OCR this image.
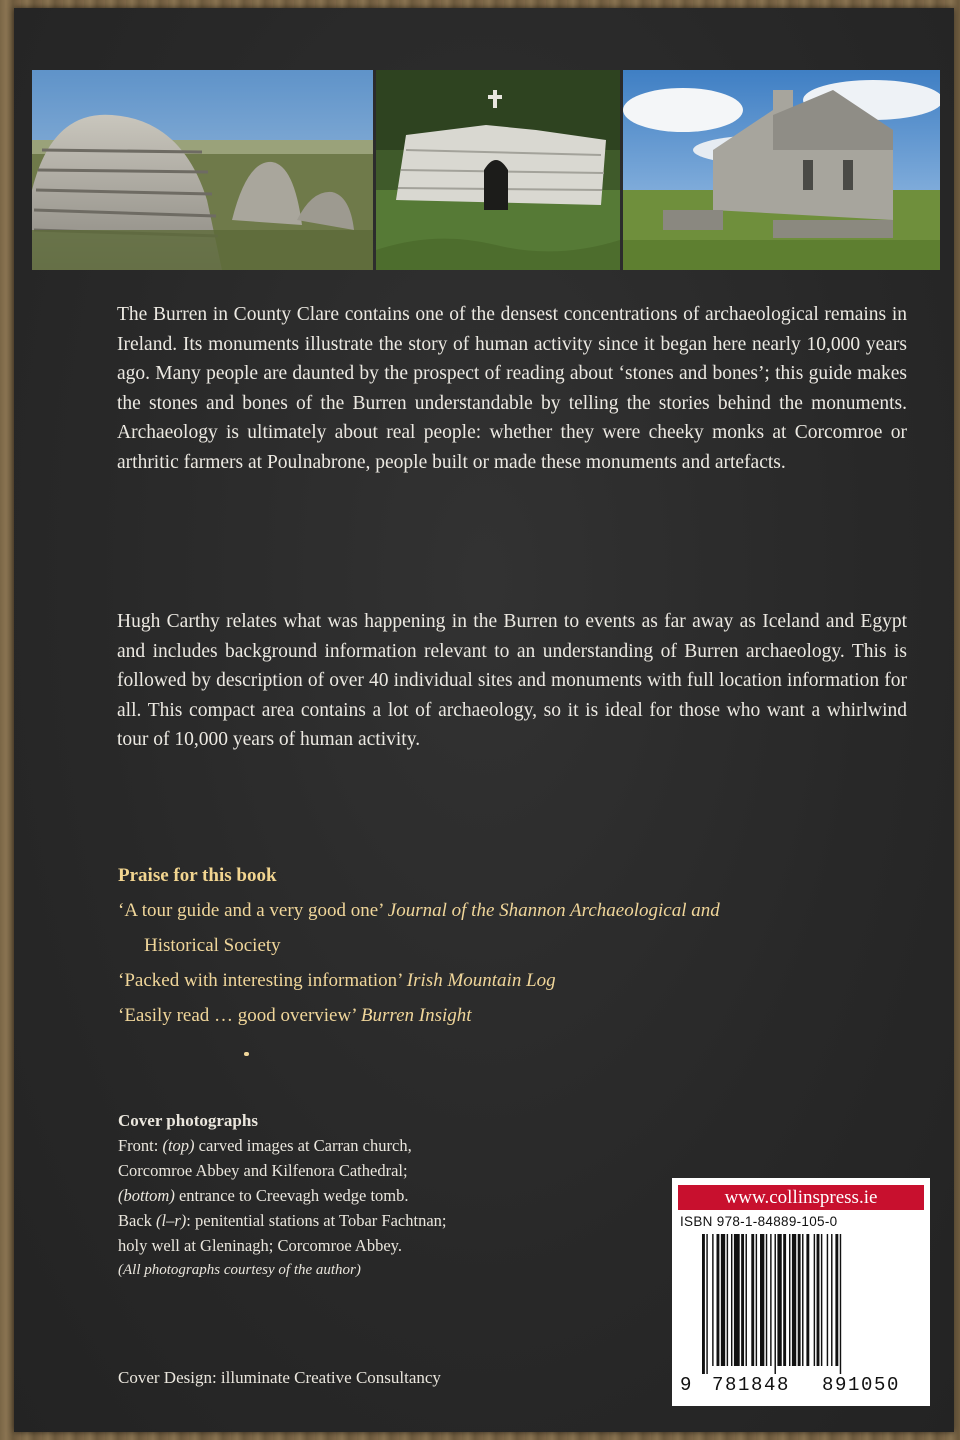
The Burren in County Clare contains one of the densest concentrations of archaeological remains in Ireland. Its monuments illustrate the story of human activity since it began here nearly 10,000 years ago. Many people are daunted by the prospect of reading about ‘stones and bones’; this guide makes the stones and bones of the Burren understandable by telling the stories behind the monuments. Archaeology is ultimately about real people: whether they were cheeky monks at Corcomroe or arthritic farmers at Poulnabrone, people built or made these monuments and artefacts.

Hugh Carthy relates what was happening in the Burren to events as far away as Iceland and Egypt and includes background information relevant to an understanding of Burren archaeology. This is followed by description of over 40 individual sites and monuments with full location information for all. This compact area contains a lot of archaeology, so it is ideal for those who want a whirlwind tour of 10,000 years of human activity.

Praise for this book
‘A tour guide and a very good one’ Journal of the Shannon Archaeological and
Historical Society
‘Packed with interesting information’ Irish Mountain Log
‘Easily read … good overview’ Burren Insight
Cover photographs
Front: (top) carved images at Carran church,
Corcomroe Abbey and Kilfenora Cathedral;
(bottom) entrance to Creevagh wedge tomb.
Back (l–r): penitential stations at Tobar Fachtnan;
holy well at Gleninagh; Corcomroe Abbey.
(All photographs courtesy of the author)
Cover Design: illuminate Creative Consultancy
www.collinspress.ie
ISBN 978-1-84889-105-0
9 781848 891050
